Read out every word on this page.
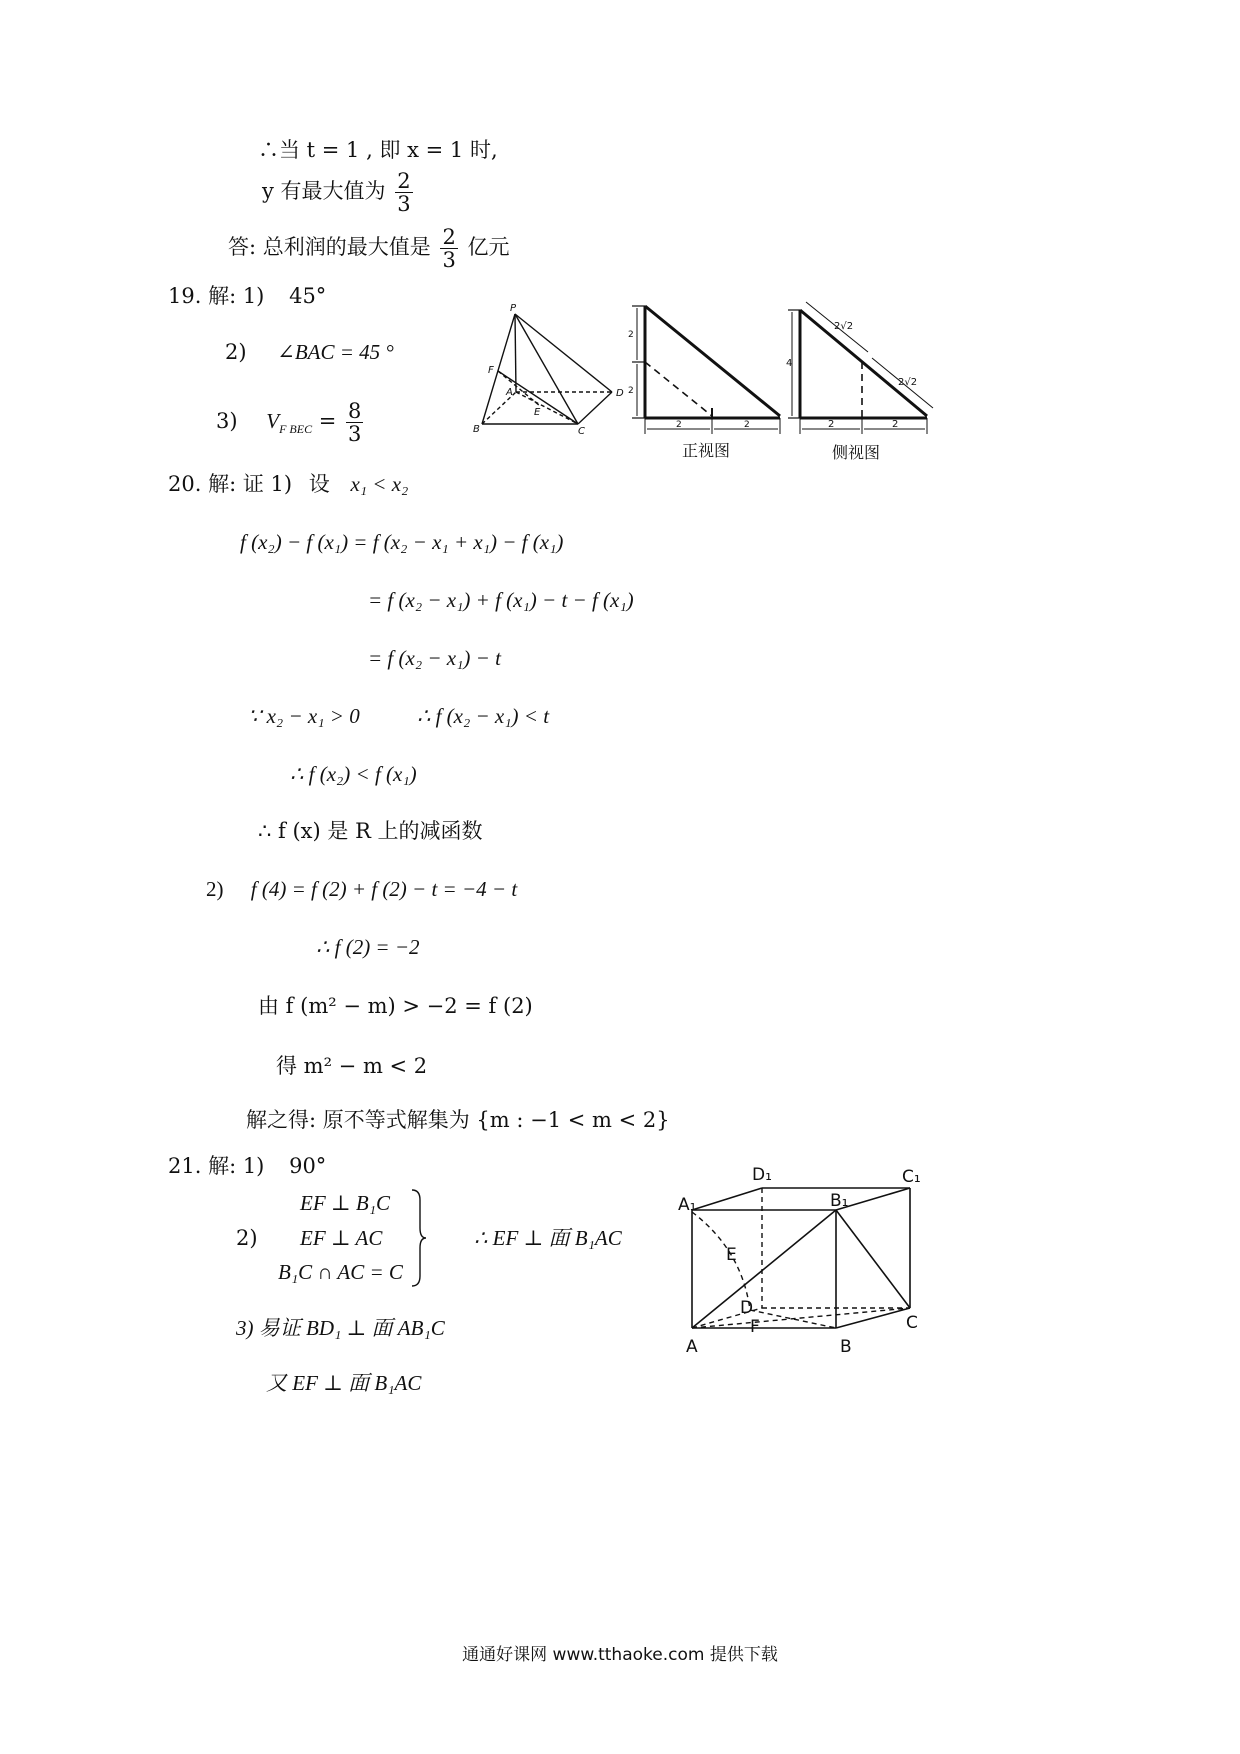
∴当 t = 1 , 即 x = 1 时,
y 有最大值为 $\frac{2}{3}$
答: 总利润的最大值是 $\frac{2}{3}$ 亿元
19. 解: 1) 45°
2) ∠BAC = 45 °
3) $V_{F BEC} = \frac{8}{3}$
P
F
A
E
D
B	C
2
2
2	2
正视图
4
2√2
2√2
2	2
侧视图
20. 解: 证 1) 设 x₁ < x₂
f (x₂) − f (x₁) = f (x₂ − x₁ + x₁) − f (x₁)
= f (x₂ − x₁) + f (x₁) − t − f (x₁)
= f (x₂ − x₁) − t
∵ x₂ − x₁ > 0	∴ f (x₂ − x₁) < t
∴ f (x₂) < f (x₁)
∴ f (x) 是 R 上的减函数
2) f (4) = f (2) + f (2) − t = −4 − t
∴ f (2) = −2
由 f (m² − m) > −2 = f (2)
得 m² − m < 2
解之得: 原不等式解集为 {m : −1 < m < 2}
21. 解: 1) 90°
2)
EF ⊥ B₁C
EF ⊥ AC
B₁C ∩ AC = C
∴ EF ⊥ 面 B₁AC
3) 易证 BD₁ ⊥ 面 AB₁C
又 EF ⊥ 面 B₁AC
D₁	C₁
A₁	B₁
E
D
F	C
A	B
通通好课网 www.tthaoke.com 提供下载
